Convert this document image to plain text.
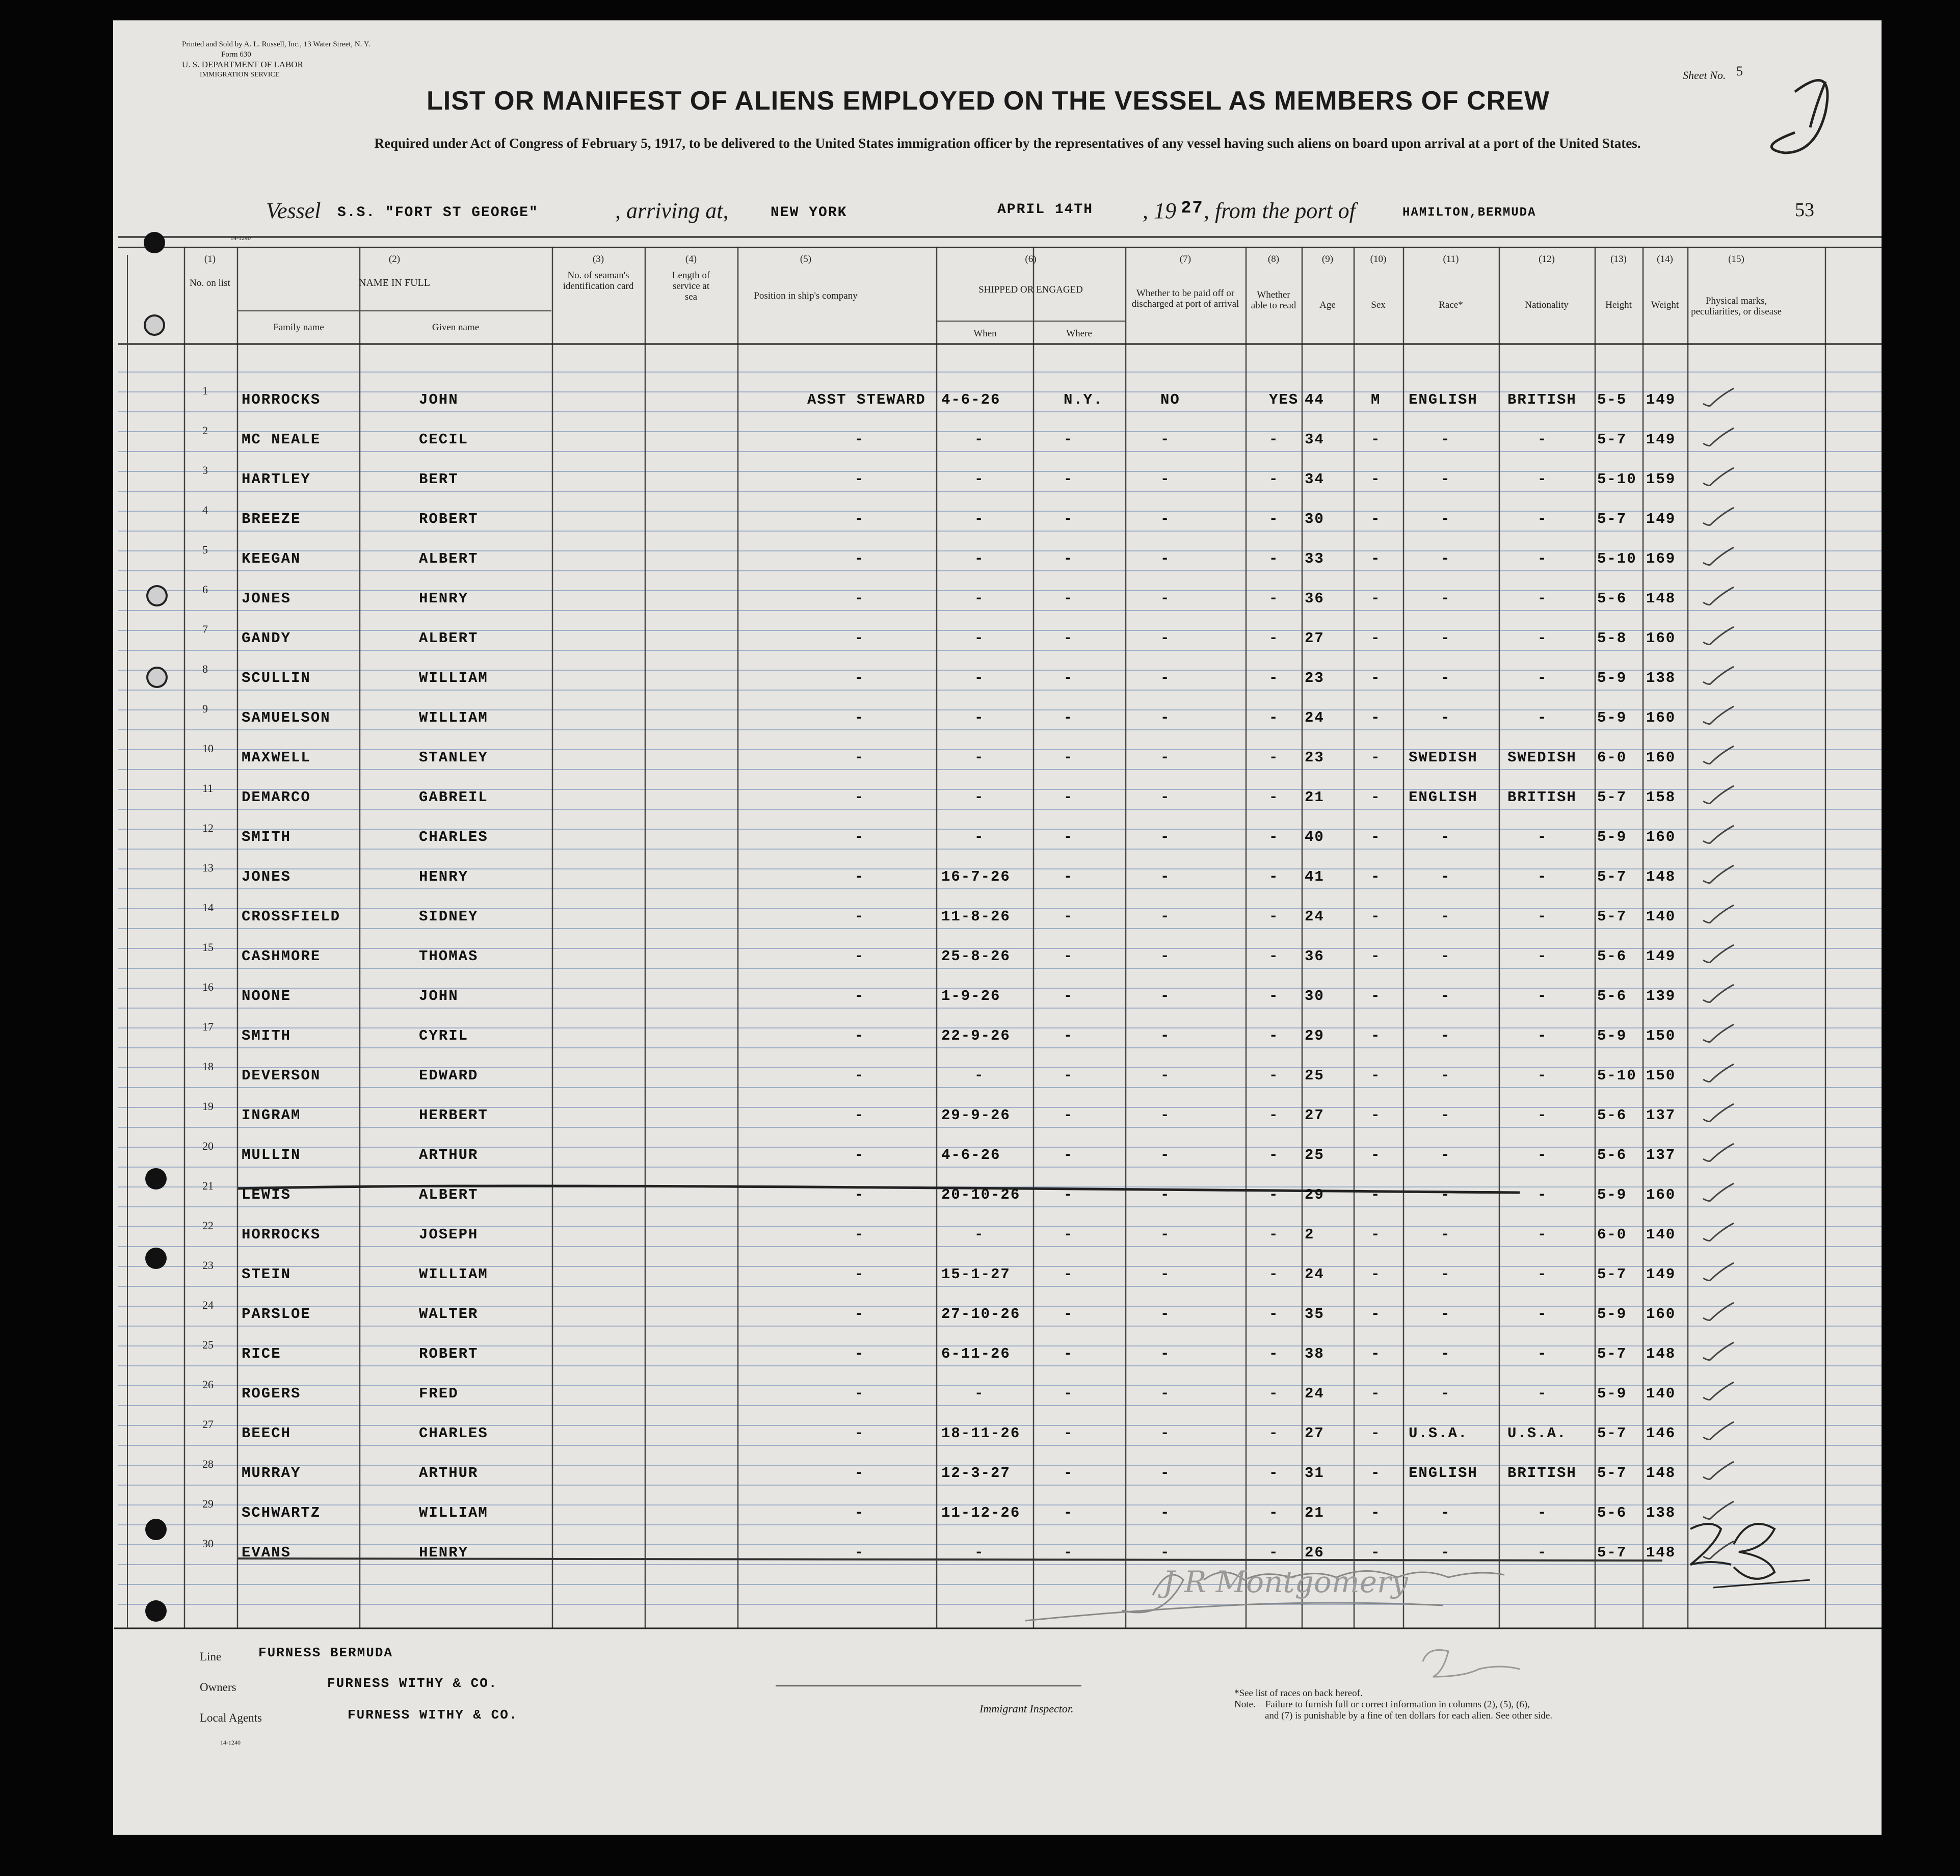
Printed and Sold by A. L. Russell, Inc., 13 Water Street, N. Y.
Form 630
U. S. DEPARTMENT OF LABOR
IMMIGRATION SERVICE	Sheet No. 5
LIST OR MANIFEST OF ALIENS EMPLOYED ON THE VESSEL AS MEMBERS OF CREW
Required under Act of Congress of February 5, 1917, to be delivered to the United States immigration officer by the representatives of any vessel having such aliens on board upon arrival at a port of the United States.
Vessel S.S. "FORT ST GEORGE"	, arriving at,	NEW YORK	APRIL 14TH , 19 27 , from the port of	HAMILTON,BERMUDA	53
14-1240
(1)
No. on list
(2)
NAME IN FULL
Family name	Given name
(3)
No. of seaman's identification card
(4)
Length of service at sea
(5)
Position in ship's company
(6)
SHIPPED OR ENGAGED
When	Where
(7)
Whether to be paid off or discharged at port of arrival
(8)
Whether able to read
(9)
Age
(10)
Sex
(11)
Race*
(12)
Nationality
(13)
Height
(14)
Weight
(15)
Physical marks, peculiarities, or disease
1
HORROCKS	JOHN	ASST STEWARD 4-6-26	N.Y.	NO	YES 44	M ENGLISH BRITISH 5-5 149
2
MC NEALE	CECIL	-	-	-	-	- 34	-	-	-	5-7 149
3
HARTLEY	BERT	-	-	-	-	- 34	-	-	-	5-10 159
4
BREEZE	ROBERT	-	-	-	-	- 30	-	-	-	5-7 149
5
KEEGAN	ALBERT	-	-	-	-	- 33	-	-	-	5-10 169
6
JONES	HENRY	-	-	-	-	- 36	-	-	-	5-6 148
7
GANDY	ALBERT	-	-	-	-	- 27	-	-	-	5-8 160
8
SCULLIN	WILLIAM	-	-	-	-	- 23	-	-	-	5-9 138
9
SAMUELSON	WILLIAM	-	-	-	-	- 24	-	-	-	5-9 160
10
MAXWELL	STANLEY	-	-	-	-	- 23	- SWEDISH SWEDISH 6-0 160
11
DEMARCO	GABREIL	-	-	-	-	- 21	- ENGLISH BRITISH 5-7 158
12
SMITH	CHARLES	-	-	-	-	- 40	-	-	-	5-9 160
13
JONES	HENRY	-	16-7-26	-	-	- 41	-	-	-	5-7 148
14
CROSSFIELD	SIDNEY	-	11-8-26	-	-	- 24	-	-	-	5-7 140
15
CASHMORE	THOMAS	-	25-8-26	-	-	- 36	-	-	-	5-6 149
16
NOONE	JOHN	-	1-9-26	-	-	- 30	-	-	-	5-6 139
17
SMITH	CYRIL	-	22-9-26	-	-	- 29	-	-	-	5-9 150
18
DEVERSON	EDWARD	-	-	-	-	- 25	-	-	-	5-10 150
19
INGRAM	HERBERT	-	29-9-26	-	-	- 27	-	-	-	5-6 137
20
MULLIN	ARTHUR	-	4-6-26	-	-	- 25	-	-	-	5-6 137
21
LEWIS	ALBERT	-	20-10-26	-	-	- 29	-	-	-	5-9 160
22
HORROCKS	JOSEPH	-	-	-	-	- 2	-	-	-	6-0 140
23
STEIN	WILLIAM	-	15-1-27	-	-	- 24	-	-	-	5-7 149
24
PARSLOE	WALTER	-	27-10-26	-	-	- 35	-	-	-	5-9 160
25
RICE	ROBERT	-	6-11-26	-	-	- 38	-	-	-	5-7 148
26
ROGERS	FRED	-	-	-	-	- 24	-	-	-	5-9 140
27
BEECH	CHARLES	-	18-11-26	-	-	- 27	- U.S.A.	U.S.A. 5-7 146
28
MURRAY	ARTHUR	-	12-3-27	-	-	- 31	- ENGLISH BRITISH 5-7 148
29
SCHWARTZ	WILLIAM	-	11-12-26	-	-	- 21	-	-	-	5-6 138
30
EVANS	HENRY	-	-	-	-	- 26	-	-	-	5-7 148
Line	FURNESS BERMUDA
Owners	FURNESS WITHY & CO.
Local Agents	FURNESS WITHY & CO.
14-1240
Immigrant Inspector.
*See list of races on back hereof.
Note.—Failure to furnish full or correct information in columns (2), (5), (6),
and (7) is punishable by a fine of ten dollars for each alien. See other side.
J R Montgomery
